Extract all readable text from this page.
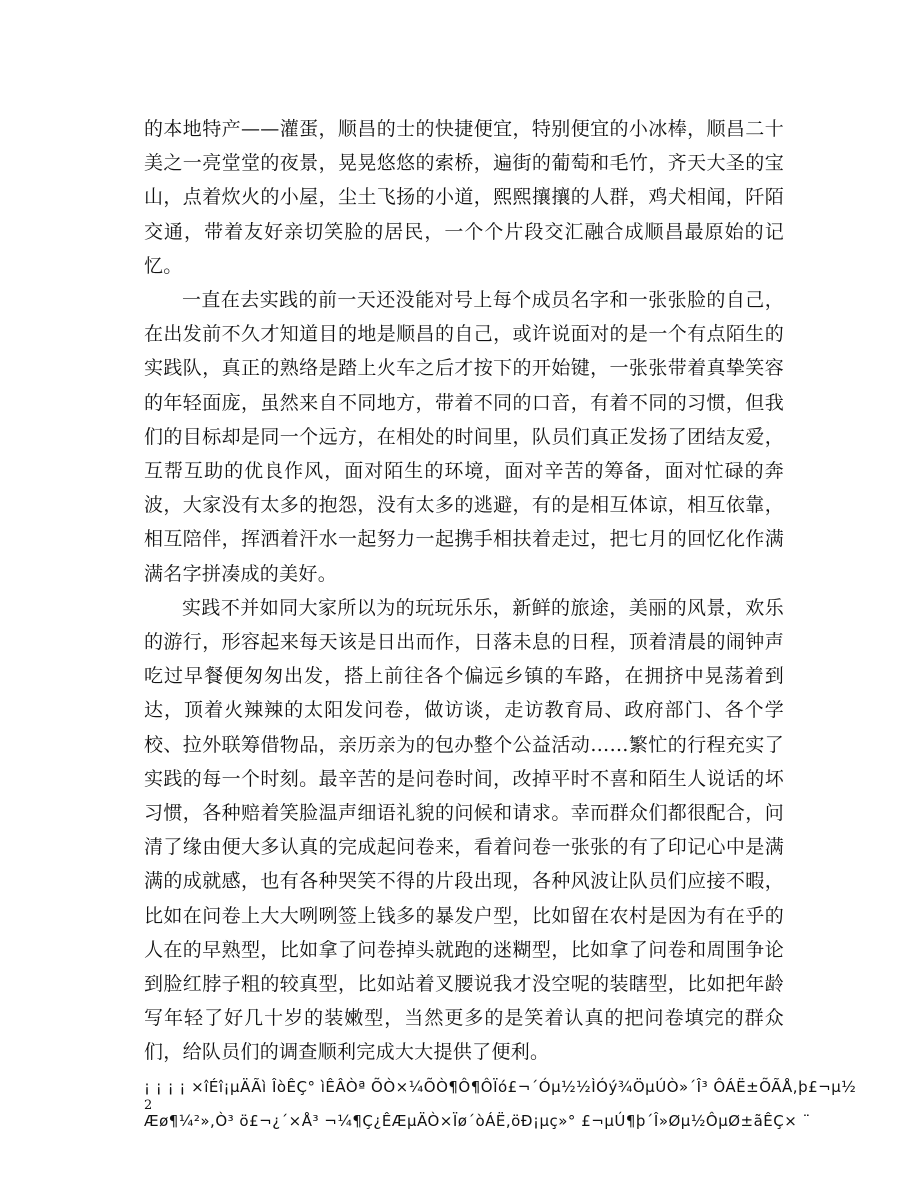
的本地特产——灌蛋，顺昌的士的快捷便宜，特别便宜的小冰棒，顺昌二十美之一亮堂堂的夜景，晃晃悠悠的索桥，遍街的葡萄和毛竹，齐天大圣的宝山，点着炊火的小屋，尘土飞扬的小道，熙熙攘攘的人群，鸡犬相闻，阡陌交通，带着友好亲切笑脸的居民，一个个片段交汇融合成顺昌最原始的记忆。

一直在去实践的前一天还没能对号上每个成员名字和一张张脸的自己，在出发前不久才知道目的地是顺昌的自己，或许说面对的是一个有点陌生的实践队，真正的熟络是踏上火车之后才按下的开始键，一张张带着真挚笑容的年轻面庞，虽然来自不同地方，带着不同的口音，有着不同的习惯，但我们的目标却是同一个远方，在相处的时间里，队员们真正发扬了团结友爱，互帮互助的优良作风，面对陌生的环境，面对辛苦的筹备，面对忙碌的奔波，大家没有太多的抱怨，没有太多的逃避，有的是相互体谅，相互依靠，相互陪伴，挥洒着汗水一起努力一起携手相扶着走过，把七月的回忆化作满满名字拼凑成的美好。

实践不并如同大家所以为的玩玩乐乐，新鲜的旅途，美丽的风景，欢乐的游行，形容起来每天该是日出而作，日落未息的日程，顶着清晨的闹钟声吃过早餐便匆匆出发，搭上前往各个偏远乡镇的车路，在拥挤中晃荡着到达，顶着火辣辣的太阳发问卷，做访谈，走访教育局、政府部门、各个学校、拉外联筹借物品，亲历亲为的包办整个公益活动……繁忙的行程充实了实践的每一个时刻。最辛苦的是问卷时间，改掉平时不喜和陌生人说话的坏习惯，各种赔着笑脸温声细语礼貌的问候和请求。幸而群众们都很配合，问清了缘由便大多认真的完成起问卷来，看着问卷一张张的有了印记心中是满满的成就感，也有各种哭笑不得的片段出现，各种风波让队员们应接不暇，比如在问卷上大大咧咧签上钱多的暴发户型，比如留在农村是因为有在乎的人在的早熟型，比如拿了问卷掉头就跑的迷糊型，比如拿了问卷和周围争论到脸红脖子粗的较真型，比如站着叉腰说我才没空呢的装瞎型，比如把年龄写年轻了好几十岁的装嫩型，当然更多的是笑着认真的把问卷填完的群众们，给队员们的调查顺利完成大大提供了便利。

¡ ¡ ¡ ¡ ×îÉî¡µÄÃì ÎòÊÇ° ìÊÂÒª ÕÒ×¼ÕÒ¶Ô¶ÔÏó£¬´Óµ½½ÌÓý¾ÖµÚÒ»´Î³ ÔÁË±ÕÃÅ,þ£¬µ½

Æø¶¼²»,Ò³ ö£¬¿´×Å³ ¬¼¶Ç¿ÊÆµÄÒ×Ïø´òÁË,öÐ¡µç»° £¬µÚ¶þ´Î»Øµ½ÔµØ±ãÊÇ× ¨

2
